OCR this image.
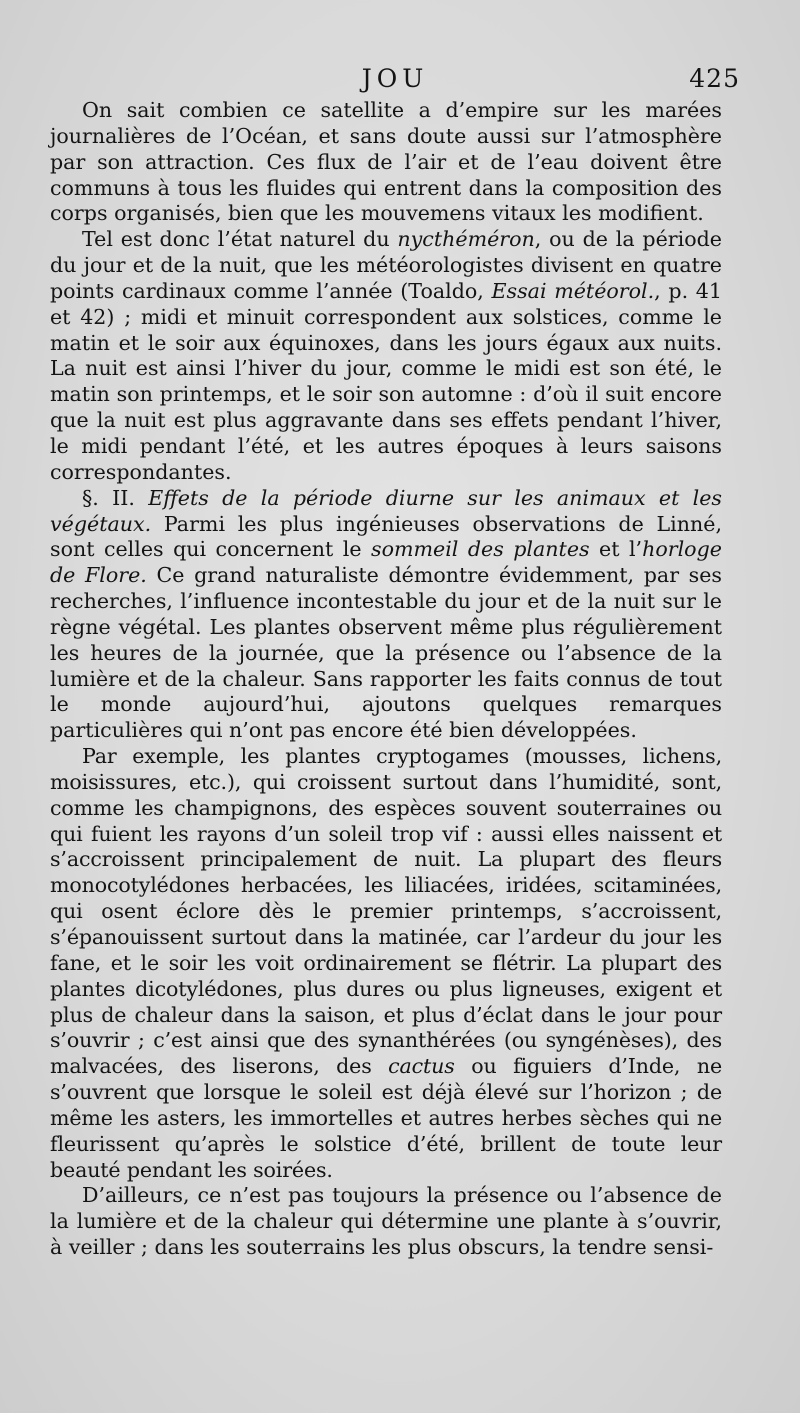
JOU	425

On sait combien ce satellite a d’empire sur les marées journalières de l’Océan, et sans doute aussi sur l’atmosphère par son attraction. Ces flux de l’air et de l’eau doivent être communs à tous les fluides qui entrent dans la composition des corps organisés, bien que les mouvemens vitaux les modifient.

Tel est donc l’état naturel du nycthéméron, ou de la période du jour et de la nuit, que les météorologistes divisent en quatre points cardinaux comme l’année (Toaldo, Essai météorol., p. 41 et 42) ; midi et minuit correspondent aux solstices, comme le matin et le soir aux équinoxes, dans les jours égaux aux nuits. La nuit est ainsi l’hiver du jour, comme le midi est son été, le matin son printemps, et le soir son automne : d’où il suit encore que la nuit est plus aggravante dans ses effets pendant l’hiver, le midi pendant l’été, et les autres époques à leurs saisons correspondantes.

§. II. Effets de la période diurne sur les animaux et les végétaux. Parmi les plus ingénieuses observations de Linné, sont celles qui concernent le sommeil des plantes et l’horloge de Flore. Ce grand naturaliste démontre évidemment, par ses recherches, l’influence incontestable du jour et de la nuit sur le règne végétal. Les plantes observent même plus régulièrement les heures de la journée, que la présence ou l’absence de la lumière et de la chaleur. Sans rapporter les faits connus de tout le monde aujourd’hui, ajoutons quelques remarques particulières qui n’ont pas encore été bien développées.

Par exemple, les plantes cryptogames (mousses, lichens, moisissures, etc.), qui croissent surtout dans l’humidité, sont, comme les champignons, des espèces souvent souterraines ou qui fuient les rayons d’un soleil trop vif : aussi elles naissent et s’accroissent principalement de nuit. La plupart des fleurs monocotylédones herbacées, les liliacées, iridées, scitaminées, qui osent éclore dès le premier printemps, s’accroissent, s’épanouissent surtout dans la matinée, car l’ardeur du jour les fane, et le soir les voit ordinairement se flétrir. La plupart des plantes dicotylédones, plus dures ou plus ligneuses, exigent et plus de chaleur dans la saison, et plus d’éclat dans le jour pour s’ouvrir ; c’est ainsi que des synanthérées (ou syngénèses), des malvacées, des liserons, des cactus ou figuiers d’Inde, ne s’ouvrent que lorsque le soleil est déjà élevé sur l’horizon ; de même les asters, les immortelles et autres herbes sèches qui ne fleurissent qu’après le solstice d’été, brillent de toute leur beauté pendant les soirées.

D’ailleurs, ce n’est pas toujours la présence ou l’absence de la lumière et de la chaleur qui détermine une plante à s’ouvrir, à veiller ; dans les souterrains les plus obscurs, la tendre sensi-
